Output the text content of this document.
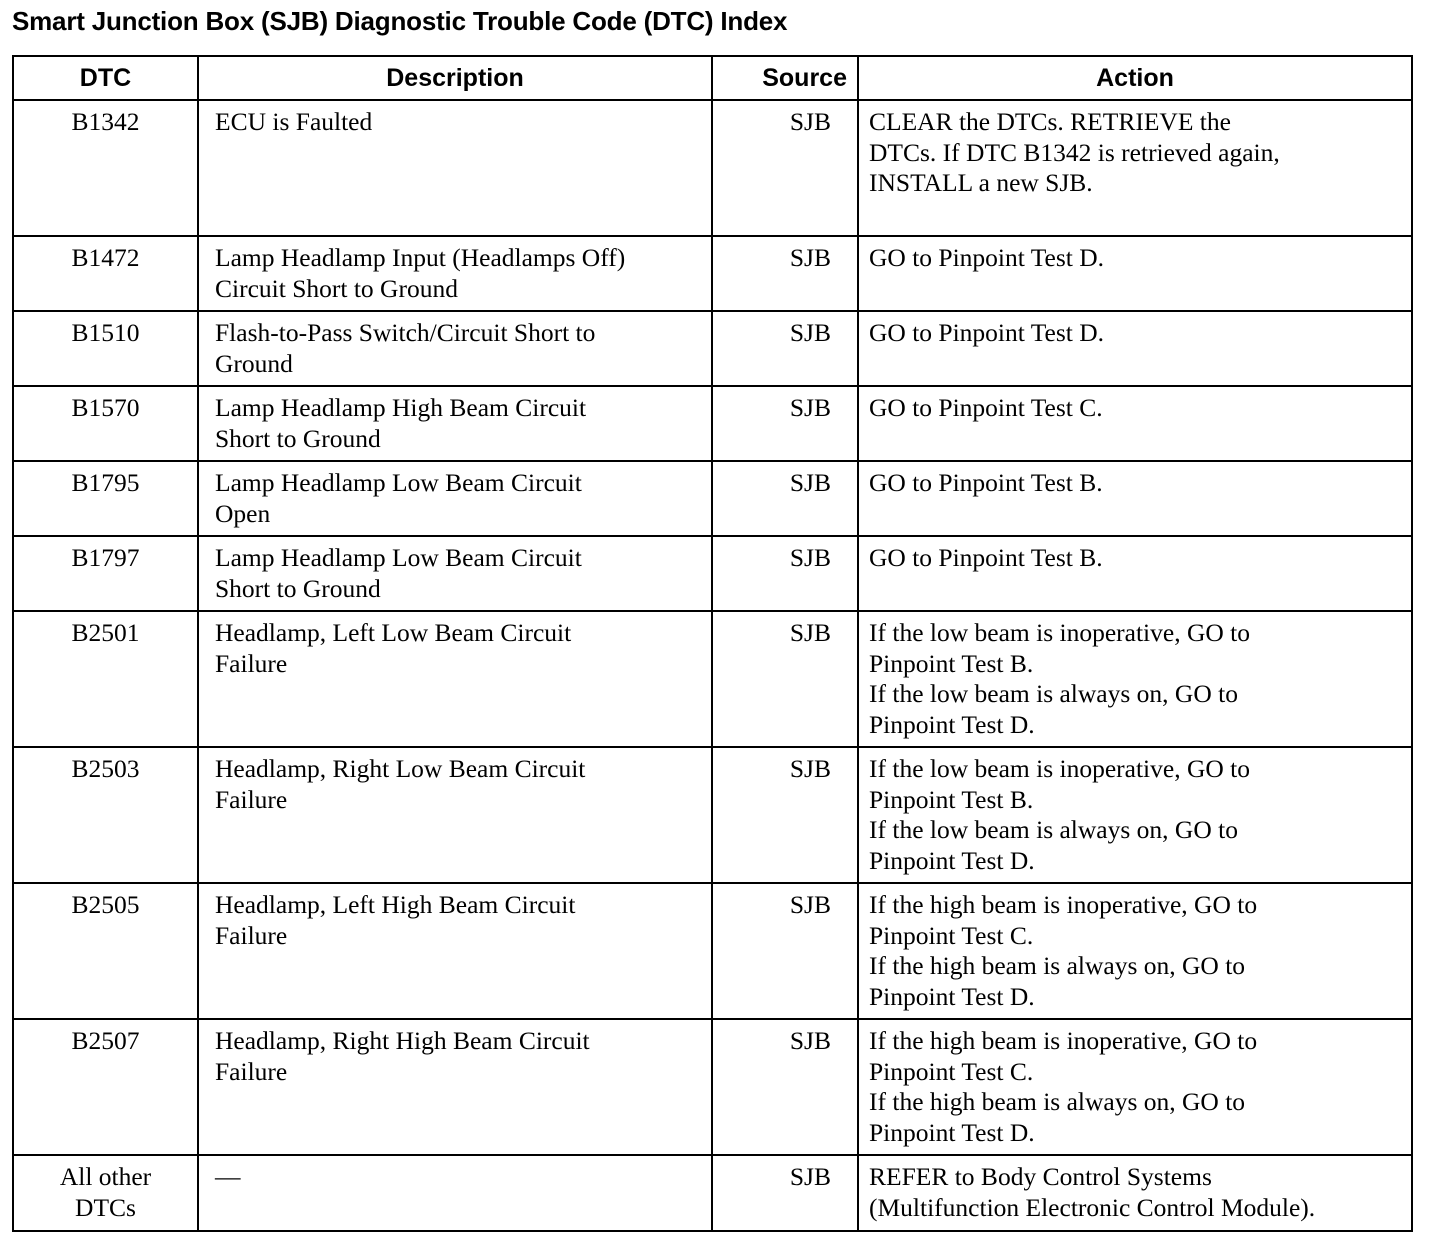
Smart Junction Box (SJB) Diagnostic Trouble Code (DTC) Index
DTC	Description	Source	Action

B1342	ECU is Faulted	SJB	CLEAR the DTCs. RETRIEVE the
DTCs. If DTC B1342 is retrieved again,
INSTALL a new SJB.

B1472	Lamp Headlamp Input (Headlamps Off)
Circuit Short to Ground	SJB	GO to Pinpoint Test D.

B1510	Flash-to-Pass Switch/Circuit Short to
Ground	SJB	GO to Pinpoint Test D.

B1570	Lamp Headlamp High Beam Circuit
Short to Ground	SJB	GO to Pinpoint Test C.

B1795	Lamp Headlamp Low Beam Circuit
Open	SJB	GO to Pinpoint Test B.

B1797	Lamp Headlamp Low Beam Circuit
Short to Ground	SJB	GO to Pinpoint Test B.

B2501	Headlamp, Left Low Beam Circuit
Failure	SJB	If the low beam is inoperative, GO to
Pinpoint Test B.
If the low beam is always on, GO to
Pinpoint Test D.

B2503	Headlamp, Right Low Beam Circuit
Failure	SJB	If the low beam is inoperative, GO to
Pinpoint Test B.
If the low beam is always on, GO to
Pinpoint Test D.

B2505	Headlamp, Left High Beam Circuit
Failure	SJB	If the high beam is inoperative, GO to
Pinpoint Test C.
If the high beam is always on, GO to
Pinpoint Test D.

B2507	Headlamp, Right High Beam Circuit
Failure	SJB	If the high beam is inoperative, GO to
Pinpoint Test C.
If the high beam is always on, GO to
Pinpoint Test D.

All other
DTCs	—	SJB	REFER to Body Control Systems
(Multifunction Electronic Control Module).
